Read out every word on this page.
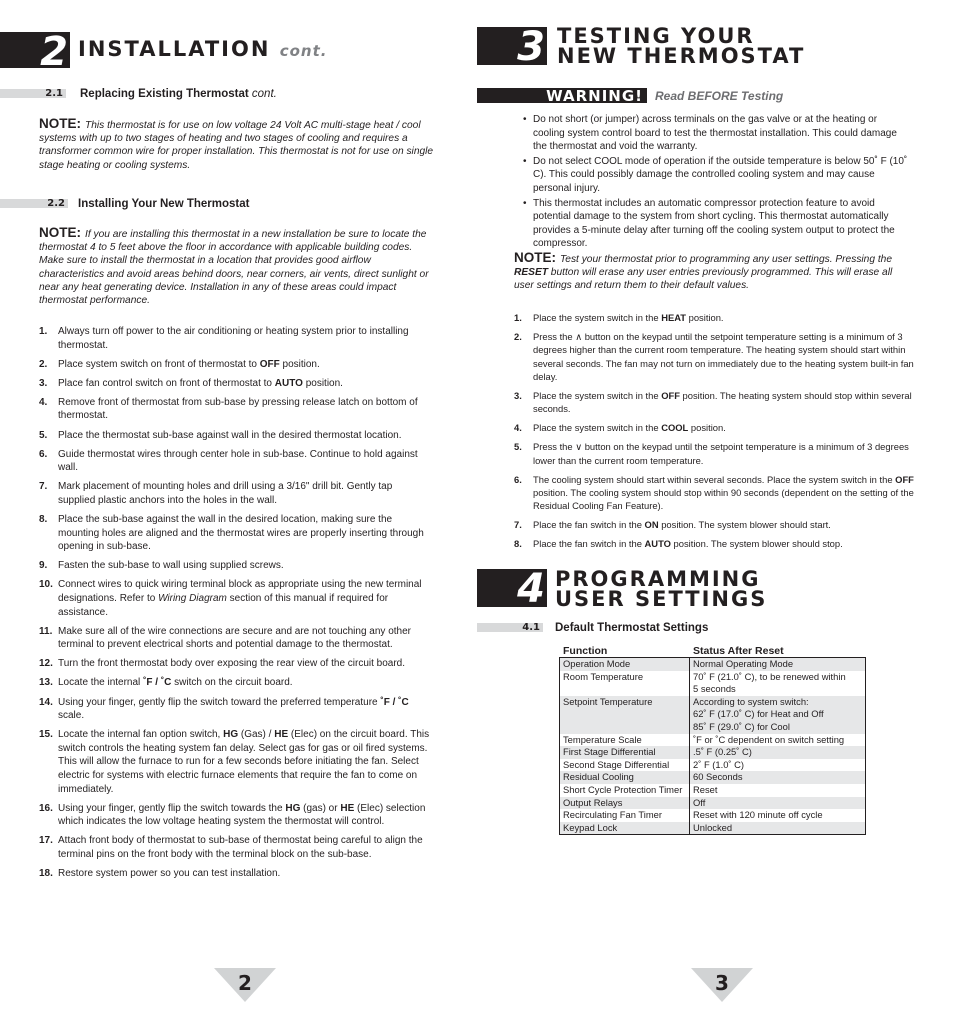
2 INSTALLATION cont.
2.1 Replacing Existing Thermostat cont.
NOTE: This thermostat is for use on low voltage 24 Volt AC multi-stage heat / cool systems with up to two stages of heating and two stages of cooling and requires a transformer common wire for proper installation. This thermostat is not for use on single stage heating or cooling systems.
2.2 Installing Your New Thermostat
NOTE: If you are installing this thermostat in a new installation be sure to locate the thermostat 4 to 5 feet above the floor in accordance with applicable building codes. Make sure to install the thermostat in a location that provides good airflow characteristics and avoid areas behind doors, near corners, air vents, direct sunlight or near any heat generating device. Installation in any of these areas could impact thermostat performance.
1. Always turn off power to the air conditioning or heating system prior to installing thermostat.
2. Place system switch on front of thermostat to OFF position.
3. Place fan control switch on front of thermostat to AUTO position.
4. Remove front of thermostat from sub-base by pressing release latch on bottom of thermostat.
5. Place the thermostat sub-base against wall in the desired thermostat location.
6. Guide thermostat wires through center hole in sub-base. Continue to hold against wall.
7. Mark placement of mounting holes and drill using a 3/16" drill bit. Gently tap supplied plastic anchors into the holes in the wall.
8. Place the sub-base against the wall in the desired location, making sure the mounting holes are aligned and the thermostat wires are properly inserting through opening in sub-base.
9. Fasten the sub-base to wall using supplied screws.
10. Connect wires to quick wiring terminal block as appropriate using the new terminal designations. Refer to Wiring Diagram section of this manual if required for assistance.
11. Make sure all of the wire connections are secure and are not touching any other terminal to prevent electrical shorts and potential damage to the thermostat.
12. Turn the front thermostat body over exposing the rear view of the circuit board.
13. Locate the internal ˚F / ˚C switch on the circuit board.
14. Using your finger, gently flip the switch toward the preferred temperature ˚F / ˚C scale.
15. Locate the internal fan option switch, HG (Gas) / HE (Elec) on the circuit board. This switch controls the heating system fan delay. Select gas for gas or oil fired systems. This will allow the furnace to run for a few seconds before initiating the fan. Select electric for systems with electric furnace elements that require the fan to come on immediately.
16. Using your finger, gently flip the switch towards the HG (gas) or HE (Elec) selection which indicates the low voltage heating system the thermostat will control.
17. Attach front body of thermostat to sub-base of thermostat being careful to align the terminal pins on the front body with the terminal block on the sub-base.
18. Restore system power so you can test installation.
2
3 TESTING YOUR
NEW THERMOSTAT
WARNING!	Read BEFORE Testing
• Do not short (or jumper) across terminals on the gas valve or at the heating or cooling system control board to test the thermostat installation. This could damage the thermostat and void the warranty.
• Do not select COOL mode of operation if the outside temperature is below 50˚ F (10˚ C). This could possibly damage the controlled cooling system and may cause personal injury.
• This thermostat includes an automatic compressor protection feature to avoid potential damage to the system from short cycling. This thermostat automatically provides a 5-minute delay after turning off the cooling system output to protect the compressor.
NOTE: Test your thermostat prior to programming any user settings. Pressing the RESET button will erase any user entries previously programmed. This will erase all user settings and return them to their default values.
1. Place the system switch in the HEAT position.
2. Press the ∧ button on the keypad until the setpoint temperature setting is a minimum of 3 degrees higher than the current room temperature. The heating system should start within several seconds. The fan may not turn on immediately due to the heating system built-in fan delay.
3. Place the system switch in the OFF position. The heating system should stop within several seconds.
4. Place the system switch in the COOL position.
5. Press the ∨ button on the keypad until the setpoint temperature is a minimum of 3 degrees lower than the current room temperature.
6. The cooling system should start within several seconds. Place the system switch in the OFF position. The cooling system should stop within 90 seconds (dependent on the setting of the Residual Cooling Fan Feature).
7. Place the fan switch in the ON position. The system blower should start.
8. Place the fan switch in the AUTO position. The system blower should stop.
4 PROGRAMMING
USER SETTINGS
4.1 Default Thermostat Settings
Function	Status After Reset
Operation Mode	Normal Operating Mode
Room Temperature	70˚ F (21.0˚ C), to be renewed within
5 seconds
Setpoint Temperature	According to system switch:
62˚ F (17.0˚ C) for Heat and Off
85˚ F (29.0˚ C) for Cool
Temperature Scale	˚F or ˚C dependent on switch setting
First Stage Differential	.5˚ F (0.25˚ C)
Second Stage Differential	2˚ F (1.0˚ C)
Residual Cooling	60 Seconds
Short Cycle Protection Timer	Reset
Output Relays	Off
Recirculating Fan Timer	Reset with 120 minute off cycle
Keypad Lock	Unlocked
3
